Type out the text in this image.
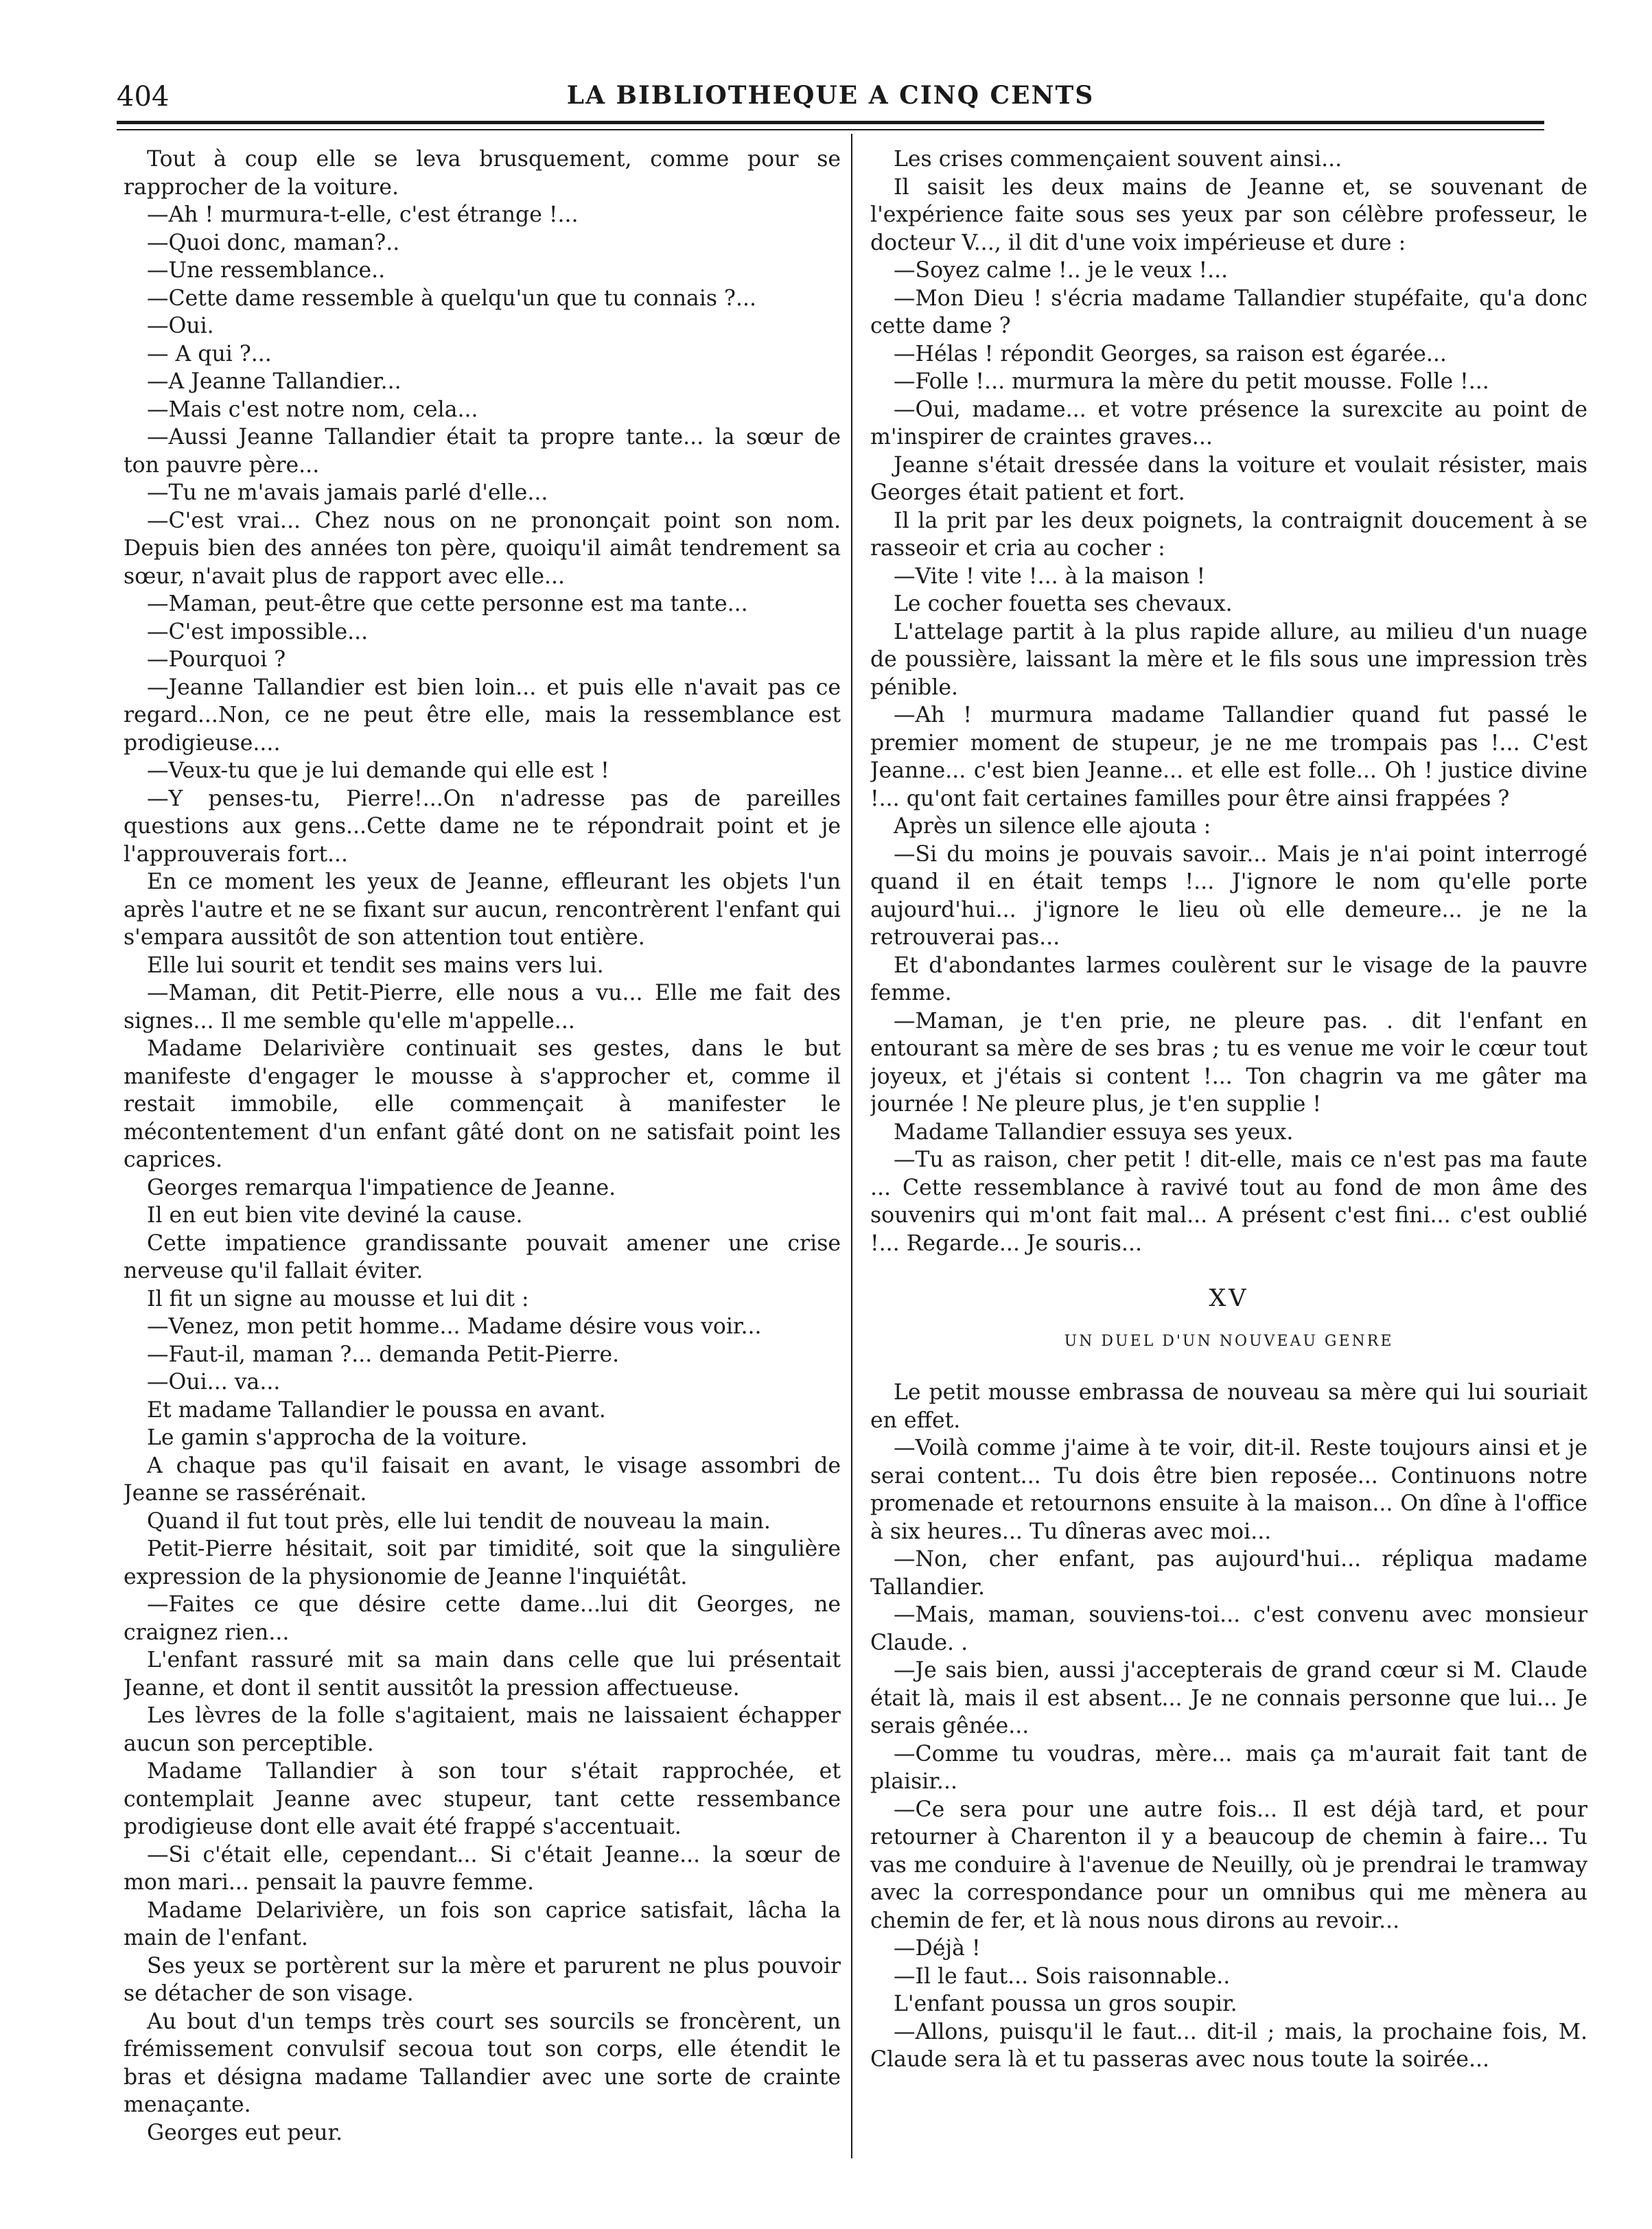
404	LA BIBLIOTHEQUE A CINQ CENTS

Tout à coup elle se leva brusquement, comme pour se rapprocher de la voiture.

—Ah ! murmura-t-elle, c'est étrange !...

—Quoi donc, maman?..

—Une ressemblance..

—Cette dame ressemble à quelqu'un que tu connais ?...

—Oui.

— A qui ?...

—A Jeanne Tallandier...

—Mais c'est notre nom, cela...

—Aussi Jeanne Tallandier était ta propre tante... la sœur de ton pauvre père...

—Tu ne m'avais jamais parlé d'elle...

—C'est vrai... Chez nous on ne prononçait point son nom. Depuis bien des années ton père, quoiqu'il aimât tendrement sa sœur, n'avait plus de rapport avec elle...

—Maman, peut-être que cette personne est ma tante...

—C'est impossible...

—Pourquoi ?

—Jeanne Tallandier est bien loin... et puis elle n'avait pas ce regard...Non, ce ne peut être elle, mais la ressemblance est prodigieuse....

—Veux-tu que je lui demande qui elle est !

—Y penses-tu, Pierre!...On n'adresse pas de pareilles questions aux gens...Cette dame ne te répondrait point et je l'approuverais fort...

En ce moment les yeux de Jeanne, effleurant les objets l'un après l'autre et ne se fixant sur aucun, rencontrèrent l'enfant qui s'empara aussitôt de son attention tout entière.

Elle lui sourit et tendit ses mains vers lui.

—Maman, dit Petit-Pierre, elle nous a vu... Elle me fait des signes... Il me semble qu'elle m'appelle...

Madame Delarivière continuait ses gestes, dans le but manifeste d'engager le mousse à s'approcher et, comme il restait immobile, elle commençait à manifester le mécontentement d'un enfant gâté dont on ne satisfait point les caprices.

Georges remarqua l'impatience de Jeanne.

Il en eut bien vite deviné la cause.

Cette impatience grandissante pouvait amener une crise nerveuse qu'il fallait éviter.

Il fit un signe au mousse et lui dit :

—Venez, mon petit homme... Madame désire vous voir...

—Faut-il, maman ?... demanda Petit-Pierre.

—Oui... va...

Et madame Tallandier le poussa en avant.

Le gamin s'approcha de la voiture.

A chaque pas qu'il faisait en avant, le visage assombri de Jeanne se rassérénait.

Quand il fut tout près, elle lui tendit de nouveau la main.

Petit-Pierre hésitait, soit par timidité, soit que la singulière expression de la physionomie de Jeanne l'inquiétât.

—Faites ce que désire cette dame...lui dit Georges, ne craignez rien...

L'enfant rassuré mit sa main dans celle que lui présentait Jeanne, et dont il sentit aussitôt la pression affectueuse.

Les lèvres de la folle s'agitaient, mais ne laissaient échapper aucun son perceptible.

Madame Tallandier à son tour s'était rapprochée, et contemplait Jeanne avec stupeur, tant cette ressembance prodigieuse dont elle avait été frappé s'accentuait.

—Si c'était elle, cependant... Si c'était Jeanne... la sœur de mon mari... pensait la pauvre femme.

Madame Delarivière, un fois son caprice satisfait, lâcha la main de l'enfant.

Ses yeux se portèrent sur la mère et parurent ne plus pouvoir se détacher de son visage.

Au bout d'un temps très court ses sourcils se froncèrent, un frémissement convulsif secoua tout son corps, elle étendit le bras et désigna madame Tallandier avec une sorte de crainte menaçante.

Georges eut peur.

Les crises commençaient souvent ainsi...

Il saisit les deux mains de Jeanne et, se souvenant de l'expérience faite sous ses yeux par son célèbre professeur, le docteur V..., il dit d'une voix impérieuse et dure :

—Soyez calme !.. je le veux !...

—Mon Dieu ! s'écria madame Tallandier stupéfaite, qu'a donc cette dame ?

—Hélas ! répondit Georges, sa raison est égarée...

—Folle !... murmura la mère du petit mousse. Folle !...

—Oui, madame... et votre présence la surexcite au point de m'inspirer de craintes graves...

Jeanne s'était dressée dans la voiture et voulait résister, mais Georges était patient et fort.

Il la prit par les deux poignets, la contraignit doucement à se rasseoir et cria au cocher :

—Vite ! vite !... à la maison !

Le cocher fouetta ses chevaux.

L'attelage partit à la plus rapide allure, au milieu d'un nuage de poussière, laissant la mère et le fils sous une impression très pénible.

—Ah ! murmura madame Tallandier quand fut passé le premier moment de stupeur, je ne me trompais pas !... C'est Jeanne... c'est bien Jeanne... et elle est folle... Oh ! justice divine !... qu'ont fait certaines familles pour être ainsi frappées ?

Après un silence elle ajouta :

—Si du moins je pouvais savoir... Mais je n'ai point interrogé quand il en était temps !... J'ignore le nom qu'elle porte aujourd'hui... j'ignore le lieu où elle demeure... je ne la retrouverai pas...

Et d'abondantes larmes coulèrent sur le visage de la pauvre femme.

—Maman, je t'en prie, ne pleure pas. . dit l'enfant en entourant sa mère de ses bras ; tu es venue me voir le cœur tout joyeux, et j'étais si content !... Ton chagrin va me gâter ma journée ! Ne pleure plus, je t'en supplie !

Madame Tallandier essuya ses yeux.

—Tu as raison, cher petit ! dit-elle, mais ce n'est pas ma faute ... Cette ressemblance à ravivé tout au fond de mon âme des souvenirs qui m'ont fait mal... A présent c'est fini... c'est oublié !... Regarde... Je souris...

XV
UN DUEL D'UN NOUVEAU GENRE

Le petit mousse embrassa de nouveau sa mère qui lui souriait en effet.

—Voilà comme j'aime à te voir, dit-il. Reste toujours ainsi et je serai content... Tu dois être bien reposée... Continuons notre promenade et retournons ensuite à la maison... On dîne à l'office à six heures... Tu dîneras avec moi...

—Non, cher enfant, pas aujourd'hui... répliqua madame Tallandier.

—Mais, maman, souviens-toi... c'est convenu avec monsieur Claude. .

—Je sais bien, aussi j'accepterais de grand cœur si M. Claude était là, mais il est absent... Je ne connais personne que lui... Je serais gênée...

—Comme tu voudras, mère... mais ça m'aurait fait tant de plaisir...

—Ce sera pour une autre fois... Il est déjà tard, et pour retourner à Charenton il y a beaucoup de chemin à faire... Tu vas me conduire à l'avenue de Neuilly, où je prendrai le tramway avec la correspondance pour un omnibus qui me mènera au chemin de fer, et là nous nous dirons au revoir...

—Déjà !

—Il le faut... Sois raisonnable..

L'enfant poussa un gros soupir.

—Allons, puisqu'il le faut... dit-il ; mais, la prochaine fois, M. Claude sera là et tu passeras avec nous toute la soirée...
